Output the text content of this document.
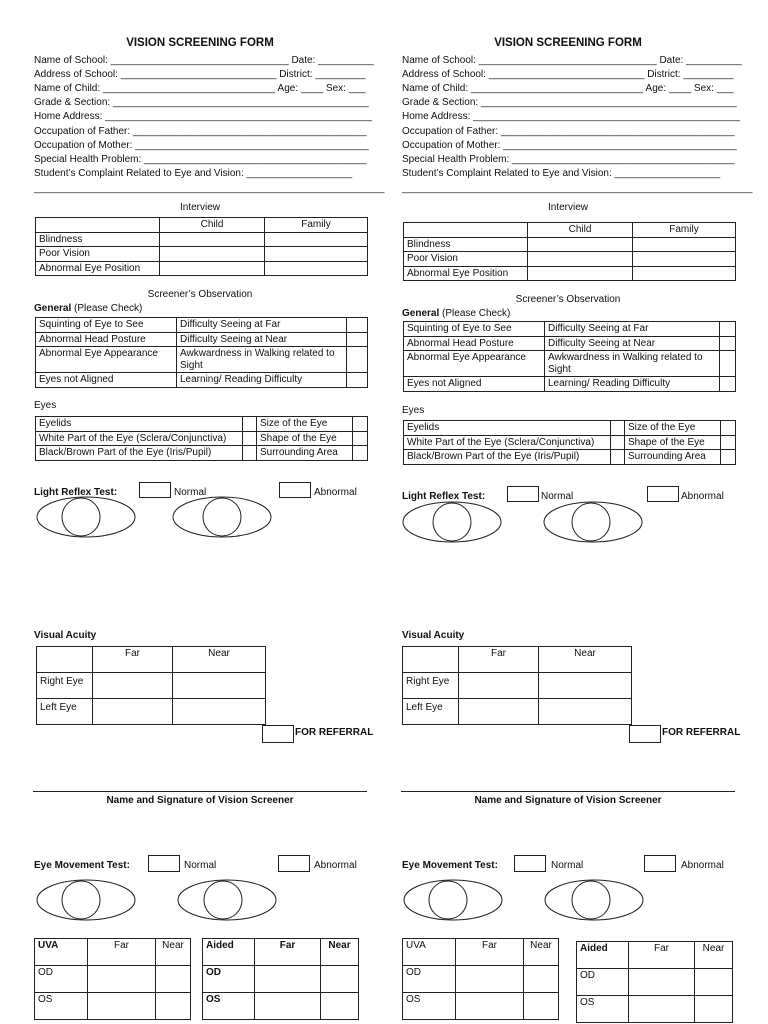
VISION SCREENING FORM
Name of School: ________________________________ Date: __________
Address of School: ____________________________ District: _________
Name of Child: _______________________________ Age: ____ Sex: ___
Grade & Section: ______________________________________________
Home Address: ________________________________________________
Occupation of Father: __________________________________________
Occupation of Mother: __________________________________________
Special Health Problem: ________________________________________
Student’s Complaint Related to Eye and Vision: ___________________
_______________________________________________________________
Interview
	Child	Family
Blindness		
Poor Vision		
Abnormal Eye Position		
Screener’s Observation
General (Please Check)
Squinting of Eye to See	Difficulty Seeing at Far	
Abnormal Head Posture	Difficulty Seeing at Near	
Abnormal Eye Appearance	Awkwardness in Walking related to Sight	
Eyes not Aligned	Learning/ Reading Difficulty	
Eyes
Eyelids		Size of the Eye	
White Part of the Eye (Sclera/Conjunctiva)		Shape of the Eye	
Black/Brown Part of the Eye (Iris/Pupil)		Surrounding Area	
Light Reflex Test:	Normal	Abnormal
Visual Acuity
	Far	Near
Right Eye		
Left Eye		
FOR REFERRAL
Name and Signature of Vision Screener
Eye Movement Test:	Normal	Abnormal
UVA	Far	Near
OD		
OS		
Aided	Far	Near
OD		
OS		
VISION SCREENING FORM
Name of School: ________________________________ Date: __________
Address of School: ____________________________ District: _________
Name of Child: _______________________________ Age: ____ Sex: ___
Grade & Section: ______________________________________________
Home Address: ________________________________________________
Occupation of Father: __________________________________________
Occupation of Mother: __________________________________________
Special Health Problem: ________________________________________
Student’s Complaint Related to Eye and Vision: ___________________
_______________________________________________________________
Interview
	Child	Family
Blindness		
Poor Vision		
Abnormal Eye Position		
Screener’s Observation
General (Please Check)
Squinting of Eye to See	Difficulty Seeing at Far	
Abnormal Head Posture	Difficulty Seeing at Near	
Abnormal Eye Appearance	Awkwardness in Walking related to Sight	
Eyes not Aligned	Learning/ Reading Difficulty	
Eyes
Eyelids		Size of the Eye	
White Part of the Eye (Sclera/Conjunctiva)		Shape of the Eye	
Black/Brown Part of the Eye (Iris/Pupil)		Surrounding Area	
Light Reflex Test:	Normal	Abnormal
Visual Acuity
	Far	Near
Right Eye		
Left Eye		
FOR REFERRAL
Name and Signature of Vision Screener
Eye Movement Test:	Normal	Abnormal
UVA	Far	Near
OD		
OS		
Aided	Far	Near
OD		
OS		
